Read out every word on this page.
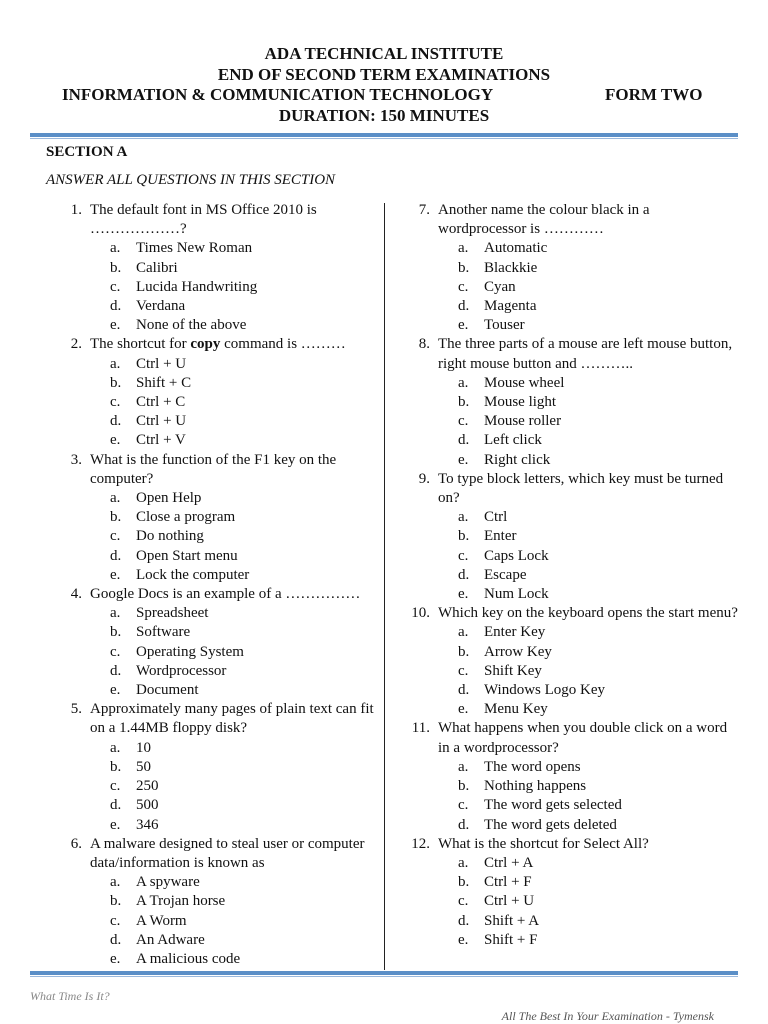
ADA TECHNICAL INSTITUTE
END OF SECOND TERM EXAMINATIONS
INFORMATION & COMMUNICATION TECHNOLOGY	FORM TWO
DURATION: 150 MINUTES
SECTION A
ANSWER ALL QUESTIONS IN THIS SECTION
1. The default font in MS Office 2010 is ………………?
a. Times New Roman
b. Calibri
c. Lucida Handwriting
d. Verdana
e. None of the above
2. The shortcut for copy command is ………
a. Ctrl + U
b. Shift + C
c. Ctrl + C
d. Ctrl + U
e. Ctrl + V
3. What is the function of the F1 key on the computer?
a. Open Help
b. Close a program
c. Do nothing
d. Open Start menu
e. Lock the computer
4. Google Docs is an example of a ……………
a. Spreadsheet
b. Software
c. Operating System
d. Wordprocessor
e. Document
5. Approximately many pages of plain text can fit on a 1.44MB floppy disk?
a. 10
b. 50
c. 250
d. 500
e. 346
6. A malware designed to steal user or computer data/information is known as
a. A spyware
b. A Trojan horse
c. A Worm
d. An Adware
e. A malicious code
7. Another name the colour black in a wordprocessor is …………
a. Automatic
b. Blackkie
c. Cyan
d. Magenta
e. Touser
8. The three parts of a mouse are left mouse button, right mouse button and ………..
a. Mouse wheel
b. Mouse light
c. Mouse roller
d. Left click
e. Right click
9. To type block letters, which key must be turned on?
a. Ctrl
b. Enter
c. Caps Lock
d. Escape
e. Num Lock
10. Which key on the keyboard opens the start menu?
a. Enter Key
b. Arrow Key
c. Shift Key
d. Windows Logo Key
e. Menu Key
11. What happens when you double click on a word in a wordprocessor?
a. The word opens
b. Nothing happens
c. The word gets selected
d. The word gets deleted
12. What is the shortcut for Select All?
a. Ctrl + A
b. Ctrl + F
c. Ctrl + U
d. Shift + A
e. Shift + F
What Time Is It?
All The Best In Your Examination - Tymensk
